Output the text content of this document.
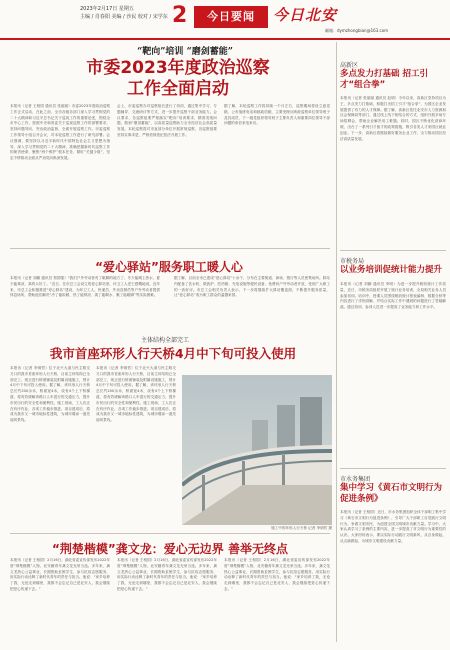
2023年2月17日 星期五
主编 / 肖春阳 美编 / 沙民 校对 / 宋学东 2	今日要闻	今日北安
邮箱：dymzhongbian@163.com
“靶向”培训 “磨剑蓄能”
市委2023年度政治巡察
工作全面启动
本报讯（记者 王相国 通讯员 张丽丽）市委2023年度政治巡察工作正式启动，在此之前，全市各级各部门深入学习贯彻党的二十大精神和习近平总书记关于巡视工作的重要论述，围绕全市中心工作，按照中央和省委关于巡视巡察工作的部署要求，坚持问题导向，突出政治监督，全面开展巡察工作。市委巡察工作领导小组召开会议，对本轮巡察工作进行了研究部署。会议强调，要坚持以习近平新时代中国特色社会主义思想为指导，深入学习贯彻党的二十大精神，准确把握新时代巡察工作的职责使命，聚焦“两个维护”根本任务，紧盯“关键少数”，坚定不移推动全面从严治党向纵深发展。
会上，市委巡察办对巡察组长进行了培训，通过集中学习、专题辅导、交流研讨等方式，进一步提升巡察干部业务能力。会议要求，各巡察组要严格落实“靶向”培训要求，精准发现问题，做到“磨剑蓄能”，以高质量巡察助力全市经济社会高质量发展。本轮巡察将对市直部分单位开展常规巡察，各巡察组要坚持实事求是，严格依规依纪依法开展工作。
据了解，本轮巡察工作将持续一个月左右，巡察期间将设立意见箱、公布值班电话和邮政信箱，主要受理反映被巡察单位领导班子及其成员、下一级党组织领导班子主要负责人和重要岗位领导干部问题的来信来电来访。
“爱心驿站”服务职工暖人心
本报讯（记者 刘鹏 通讯员 郑国强）“我们户外劳动者有了歇脚的地方了，冬天能喝上热水，夏天能乘凉，真的太好了。”近日，在市总工会设立的爱心驿站里，环卫工人老王感慨地说。近年来，市总工会积极推进“爱心驿站”建设，为环卫工人、快递员、外卖送餐员等户外劳动者提供休息场所，帮助他们解决“冷了能取暖、热了能纳凉、渴了能喝水、累了能歇脚”等实际困难。
据了解，目前全市已建成“爱心驿站”十余个，分布在主要街道、商场、银行等人员密集场所。驿站内配备了饮水机、微波炉、医药箱、充电设施等便民设备，免费向户外劳动者开放，受到广大职工的一致好评。市总工会相关负责人表示，下一步将继续扩大驿站覆盖面，不断提升服务质量，让“爱心驿站”成为职工群众的温馨家园。
主体结构全部完工
我市首座环形人行天桥4月中下旬可投入使用
本报讯（记者 李炳哲）位于北兴大道与民主路交叉口的我市首座环形人行天桥，目前主体结构已全部完工，现正进行桥面铺装及附属设施施工，预计4月中下旬可投入使用。据了解，该环形人行天桥总长约200余米，桥面宽4米，设有4个上下桥梯道，将有效缓解该路口人车混行的交通压力，提升市民出行的安全性和便利性。施工现场，工人们正在有序作业，各项工作稳步推进。项目建成后，将成为我市又一城市地标性建筑，为城市增添一道亮丽风景线。
本报讯（记者 李炳哲）位于北兴大道与民主路交叉口的我市首座环形人行天桥，目前主体结构已全部完工，现正进行桥面铺装及附属设施施工，预计4月中下旬可投入使用。据了解，该环形人行天桥总长约200余米，桥面宽4米，设有4个上下桥梯道，将有效缓解该路口人车混行的交通压力，提升市民出行的安全性和便利性。施工现场，工人们正在有序作业，各项工作稳步推进。项目建成后，将成为我市又一城市地标性建筑，为城市增添一道亮丽风景线。
施工中的环形人行天桥 记者 李炳哲 摄
“荆楚楷模”龚文龙：爱心无边界 善举无终点
本报讯（记者 王相国）2月16日，湖北省委宣传部发布2022年度“荆楚楷模”人物，北安籍青年龚文龙光荣当选。多年来，龚文龙热心公益事业，长期资助贫困学生，参与抗疫志愿服务，用实际行动诠释了新时代青年的责任与担当。他说：“家乡培养了我，无论走到哪里，我都不会忘记自己是北安人，我会继续把爱心传递下去。”
本报讯（记者 王相国）2月16日，湖北省委宣传部发布2022年度“荆楚楷模”人物，北安籍青年龚文龙光荣当选。多年来，龚文龙热心公益事业，长期资助贫困学生，参与抗疫志愿服务，用实际行动诠释了新时代青年的责任与担当。他说：“家乡培养了我，无论走到哪里，我都不会忘记自己是北安人，我会继续把爱心传递下去。”
本报讯（记者 王相国）2月16日，湖北省委宣传部发布2022年度“荆楚楷模”人物，北安籍青年龚文龙光荣当选。多年来，龚文龙热心公益事业，长期资助贫困学生，参与抗疫志愿服务，用实际行动诠释了新时代青年的责任与担当。他说：“家乡培养了我，无论走到哪里，我都不会忘记自己是北安人，我会继续把爱心传递下去。”
高新区
多点发力打基础 招工引才“组合拳”
本报讯（记者 张丽丽 通讯员 赵明）今年以来，高新区坚持项目为王，多点发力打基础，积极打出招工引才“组合拳”，为园区企业发展提供了有力的人才保障。据了解，高新区依托北安市人力资源和社会保障局等部门，通过线上线下相结合的方式，组织开展多场专场招聘会，帮助企业解决用工难题。同时，园区不断优化营商环境，出台了一系列引才留才的政策措施，吸引各类人才来园区就业创业。下一步，高新区将继续做好服务企业工作，全力推动园区经济高质量发展。
市税务局
以业务培训促统计能力提升
本报讯（记者 刘鹏 通讯员 李明）为进一步提升税收统计工作质量，近日，市税务局组织开展了统计业务培训，全局相关业务人员参加培训。培训中，授课人员围绕税收统计报表编制、数据分析等内容进行了详细讲解，并结合实际工作中遇到的问题进行了答疑解惑。通过培训，参训人员进一步提高了业务能力和工作水平。
市水务集团
集中学习《黄石市文明行为促进条例》
本报讯（记者 王相国）近日，市水务集团组织全体干部职工集中学习《黄石市文明行为促进条例》，引导广大干部职工自觉践行文明行为，争做文明市民，为创建全国文明城市贡献力量。学习中，大家认真学习了条例的主要内容，进一步提高了对文明行为重要性的认识。大家纷纷表示，要以实际行动践行文明新风，从自身做起，从点滴做起，为城市文明建设贡献力量。
